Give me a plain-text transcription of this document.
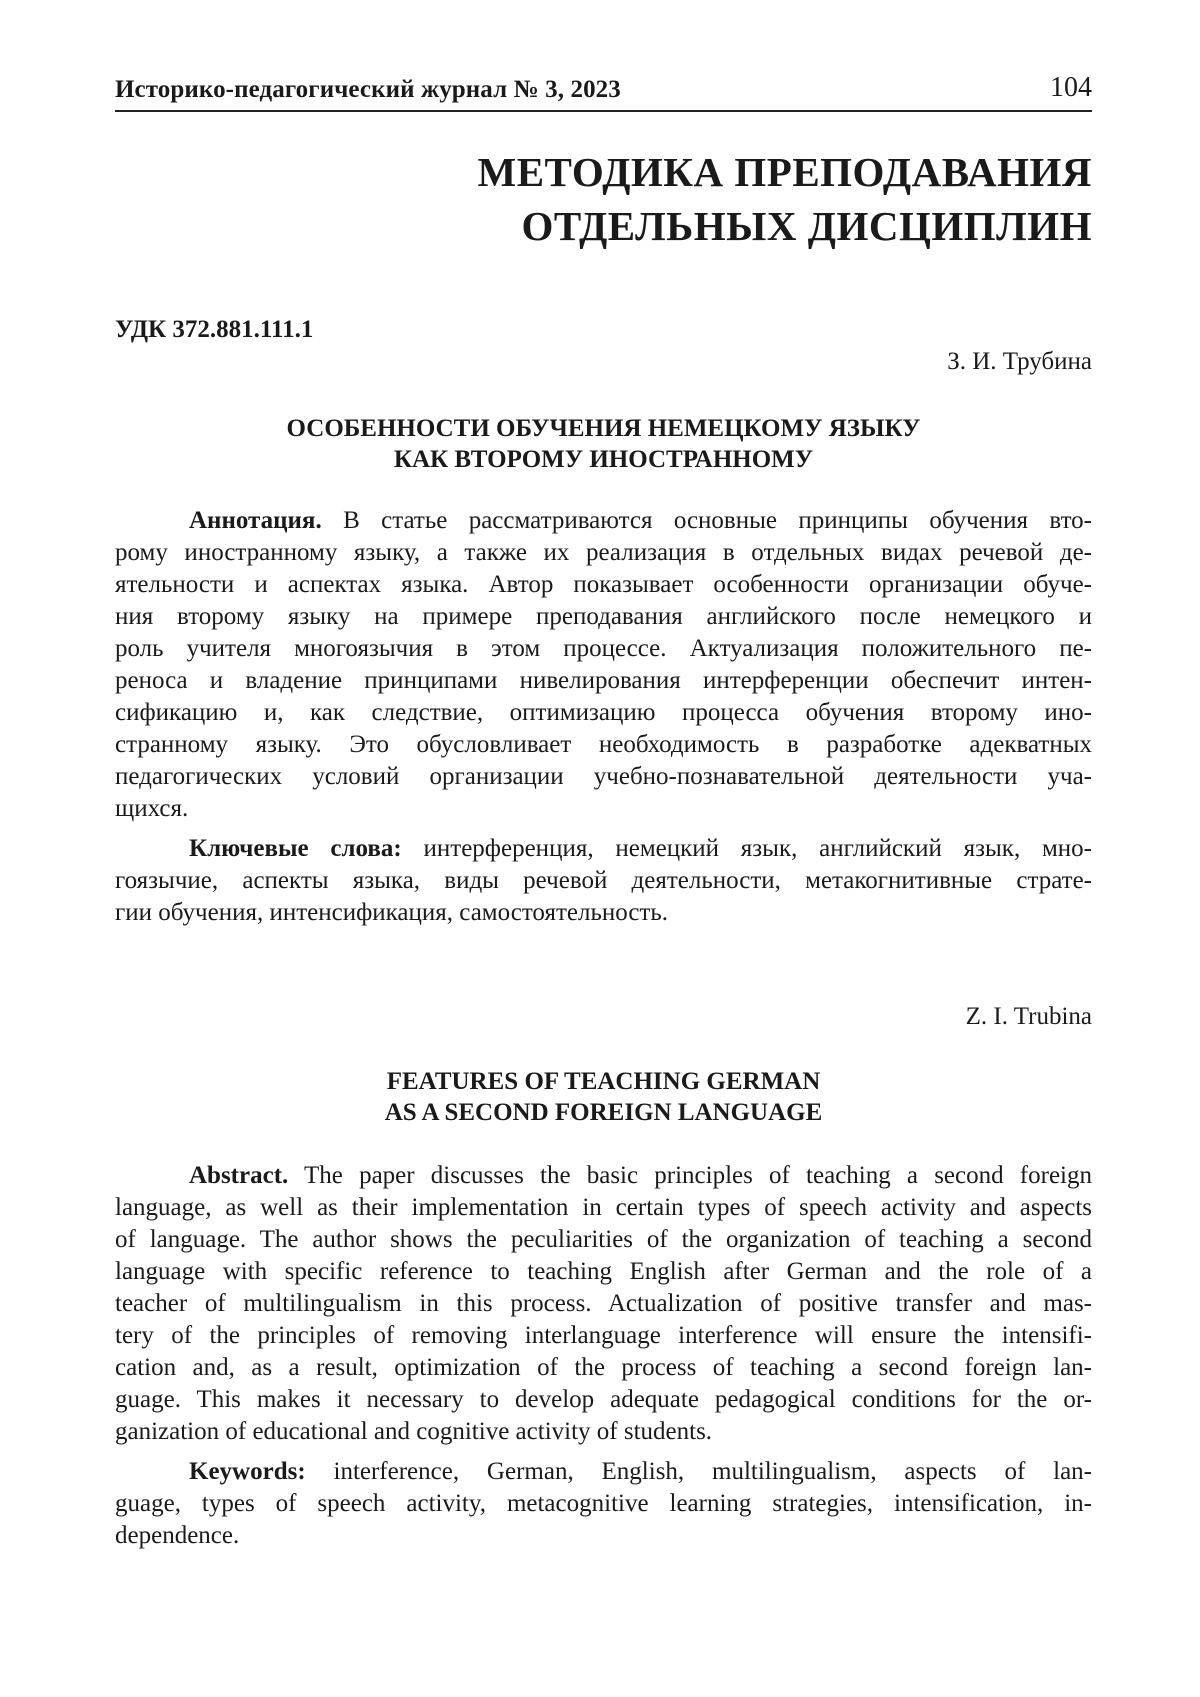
Историко-педагогический журнал № 3, 2023	104
МЕТОДИКА ПРЕПОДАВАНИЯ
ОТДЕЛЬНЫХ ДИСЦИПЛИН
УДК 372.881.111.1
З. И. Трубина
ОСОБЕННОСТИ ОБУЧЕНИЯ НЕМЕЦКОМУ ЯЗЫКУ
КАК ВТОРОМУ ИНОСТРАННОМУ
Аннотация. В статье рассматриваются основные принципы обучения вто-
рому иностранному языку, а также их реализация в отдельных видах речевой де-
ятельности и аспектах языка. Автор показывает особенности организации обуче-
ния второму языку на примере преподавания английского после немецкого и
роль учителя многоязычия в этом процессе. Актуализация положительного пе-
реноса и владение принципами нивелирования интерференции обеспечит интен-
сификацию и, как следствие, оптимизацию процесса обучения второму ино-
странному языку. Это обусловливает необходимость в разработке адекватных
педагогических условий организации учебно-познавательной деятельности уча-
щихся.
Ключевые слова: интерференция, немецкий язык, английский язык, мно-
гоязычие, аспекты языка, виды речевой деятельности, метакогнитивные страте-
гии обучения, интенсификация, самостоятельность.
Z. I. Trubina
FEATURES OF TEACHING GERMAN
AS A SECOND FOREIGN LANGUAGE
Abstract. The paper discusses the basic principles of teaching a second foreign
language, as well as their implementation in certain types of speech activity and aspects
of language. The author shows the peculiarities of the organization of teaching a second
language with specific reference to teaching English after German and the role of a
teacher of multilingualism in this process. Actualization of positive transfer and mas-
tery of the principles of removing interlanguage interference will ensure the intensifi-
cation and, as a result, optimization of the process of teaching a second foreign lan-
guage. This makes it necessary to develop adequate pedagogical conditions for the or-
ganization of educational and cognitive activity of students.
Keywords: interference, German, English, multilingualism, aspects of lan-
guage, types of speech activity, metacognitive learning strategies, intensification, in-
dependence.
